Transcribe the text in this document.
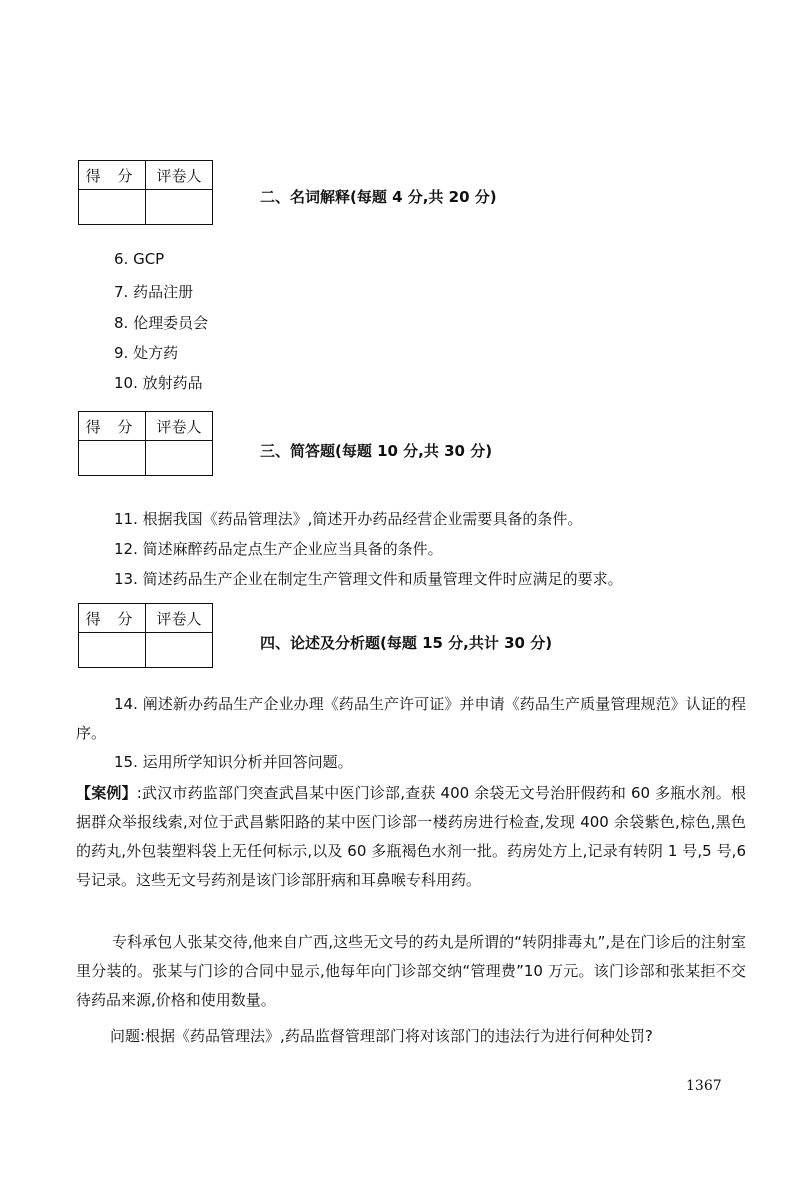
得 分	评卷人

二、名词解释(每题 4 分,共 20 分)
6. GCP
7. 药品注册
8. 伦理委员会
9. 处方药
10. 放射药品
得 分	评卷人

三、简答题(每题 10 分,共 30 分)
11. 根据我国《药品管理法》,简述开办药品经营企业需要具备的条件。
12. 简述麻醉药品定点生产企业应当具备的条件。
13. 简述药品生产企业在制定生产管理文件和质量管理文件时应满足的要求。
得 分	评卷人

四、论述及分析题(每题 15 分,共计 30 分)
14. 阐述新办药品生产企业办理《药品生产许可证》并申请《药品生产质量管理规范》认证的程序。
15. 运用所学知识分析并回答问题。
【案例】:武汉市药监部门突查武昌某中医门诊部,查获 400 余袋无文号治肝假药和 60 多瓶水剂。根据群众举报线索,对位于武昌紫阳路的某中医门诊部一楼药房进行检查,发现 400 余袋紫色,棕色,黑色的药丸,外包装塑料袋上无任何标示,以及 60 多瓶褐色水剂一批。药房处方上,记录有转阴 1 号,5 号,6 号记录。这些无文号药剂是该门诊部肝病和耳鼻喉专科用药。
专科承包人张某交待,他来自广西,这些无文号的药丸是所谓的“转阴排毒丸”,是在门诊后的注射室里分装的。张某与门诊的合同中显示,他每年向门诊部交纳“管理费”10 万元。该门诊部和张某拒不交待药品来源,价格和使用数量。
问题:根据《药品管理法》,药品监督管理部门将对该部门的违法行为进行何种处罚?
1367
